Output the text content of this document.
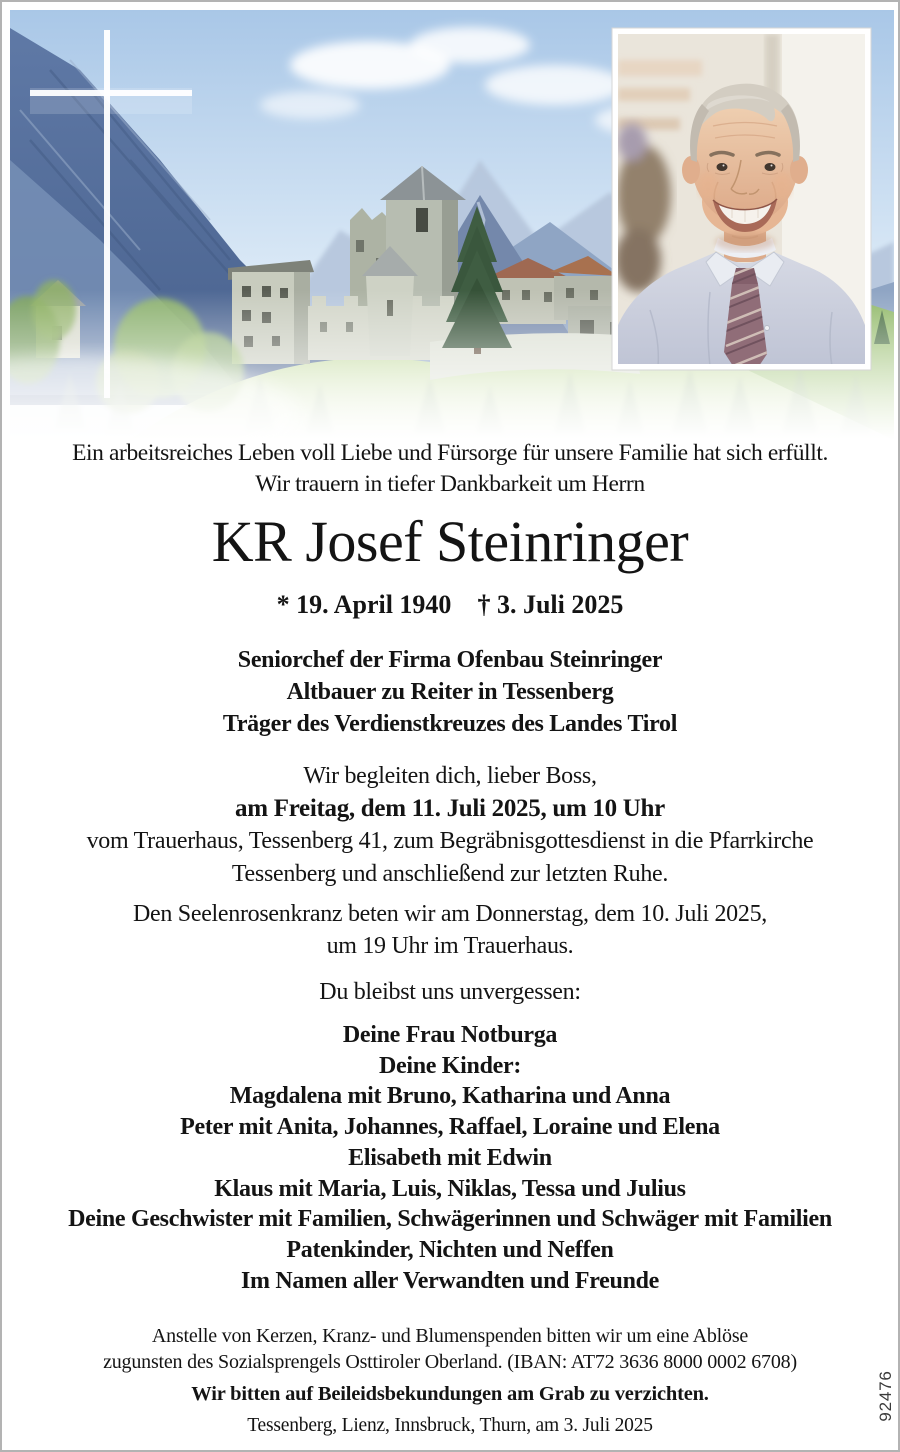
Ein arbeitsreiches Leben voll Liebe und Fürsorge für unsere Familie hat sich erfüllt.
Wir trauern in tiefer Dankbarkeit um Herrn
KR Josef Steinringer
* 19. April 1940 † 3. Juli 2025
Seniorchef der Firma Ofenbau Steinringer
Altbauer zu Reiter in Tessenberg
Träger des Verdienstkreuzes des Landes Tirol
Wir begleiten dich, lieber Boss,
am Freitag, dem 11. Juli 2025, um 10 Uhr
vom Trauerhaus, Tessenberg 41, zum Begräbnisgottesdienst in die Pfarrkirche
Tessenberg und anschließend zur letzten Ruhe.
Den Seelenrosenkranz beten wir am Donnerstag, dem 10. Juli 2025,
um 19 Uhr im Trauerhaus.
Du bleibst uns unvergessen:
Deine Frau Notburga
Deine Kinder:
Magdalena mit Bruno, Katharina und Anna
Peter mit Anita, Johannes, Raffael, Loraine und Elena
Elisabeth mit Edwin
Klaus mit Maria, Luis, Niklas, Tessa und Julius
Deine Geschwister mit Familien, Schwägerinnen und Schwäger mit Familien
Patenkinder, Nichten und Neffen
Im Namen aller Verwandten und Freunde
Anstelle von Kerzen, Kranz- und Blumenspenden bitten wir um eine Ablöse
zugunsten des Sozialsprengels Osttiroler Oberland. (IBAN: AT72 3636 8000 0002 6708)
Wir bitten auf Beileidsbekundungen am Grab zu verzichten.
Tessenberg, Lienz, Innsbruck, Thurn, am 3. Juli 2025
92476
